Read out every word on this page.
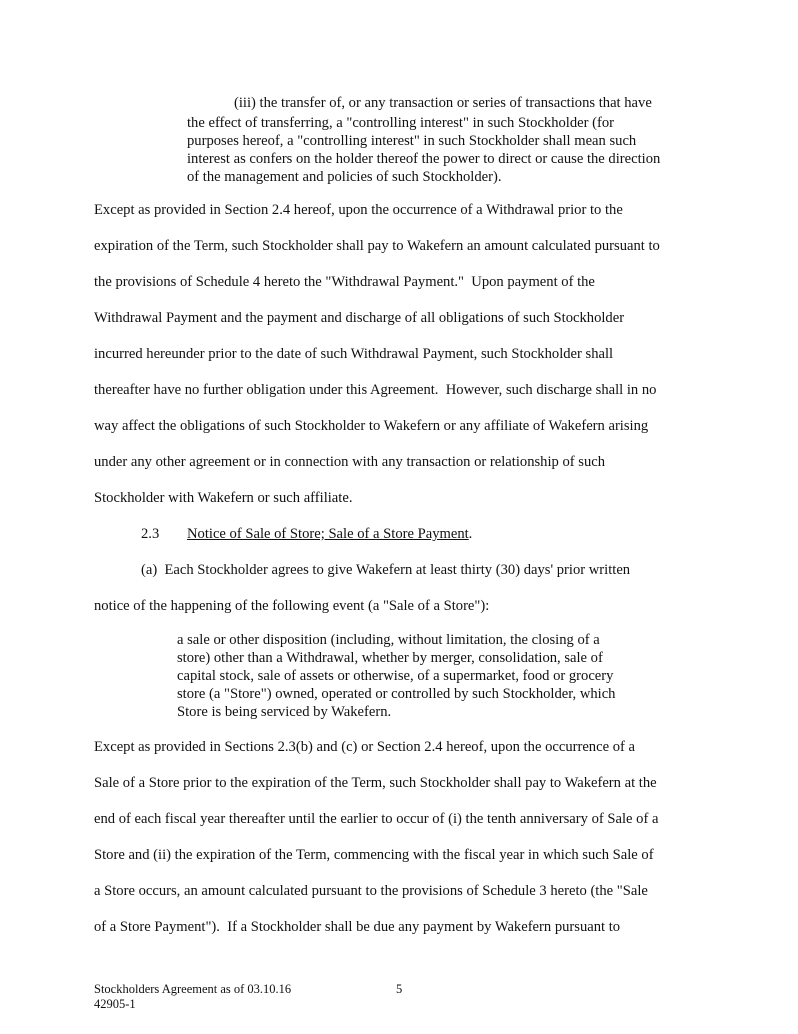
(iii) the transfer of, or any transaction or series of transactions that have

the effect of transferring, a "controlling interest" in such Stockholder (for

purposes hereof, a "controlling interest" in such Stockholder shall mean such

interest as confers on the holder thereof the power to direct or cause the direction

of the management and policies of such Stockholder).

Except as provided in Section 2.4 hereof, upon the occurrence of a Withdrawal prior to the

expiration of the Term, such Stockholder shall pay to Wakefern an amount calculated pursuant to

the provisions of Schedule 4 hereto the "Withdrawal Payment."  Upon payment of the

Withdrawal Payment and the payment and discharge of all obligations of such Stockholder

incurred hereunder prior to the date of such Withdrawal Payment, such Stockholder shall

thereafter have no further obligation under this Agreement.  However, such discharge shall in no

way affect the obligations of such Stockholder to Wakefern or any affiliate of Wakefern arising

under any other agreement or in connection with any transaction or relationship of such

Stockholder with Wakefern or such affiliate.

2.3 Notice of Sale of Store; Sale of a Store Payment.

(a)  Each Stockholder agrees to give Wakefern at least thirty (30) days' prior written

notice of the happening of the following event (a "Sale of a Store"):

a sale or other disposition (including, without limitation, the closing of a

store) other than a Withdrawal, whether by merger, consolidation, sale of

capital stock, sale of assets or otherwise, of a supermarket, food or grocery

store (a "Store") owned, operated or controlled by such Stockholder, which

Store is being serviced by Wakefern.

Except as provided in Sections 2.3(b) and (c) or Section 2.4 hereof, upon the occurrence of a

Sale of a Store prior to the expiration of the Term, such Stockholder shall pay to Wakefern at the

end of each fiscal year thereafter until the earlier to occur of (i) the tenth anniversary of Sale of a

Store and (ii) the expiration of the Term, commencing with the fiscal year in which such Sale of

a Store occurs, an amount calculated pursuant to the provisions of Schedule 3 hereto (the "Sale

of a Store Payment").  If a Stockholder shall be due any payment by Wakefern pursuant to

Stockholders Agreement as of 03.10.16	5

42905-1
